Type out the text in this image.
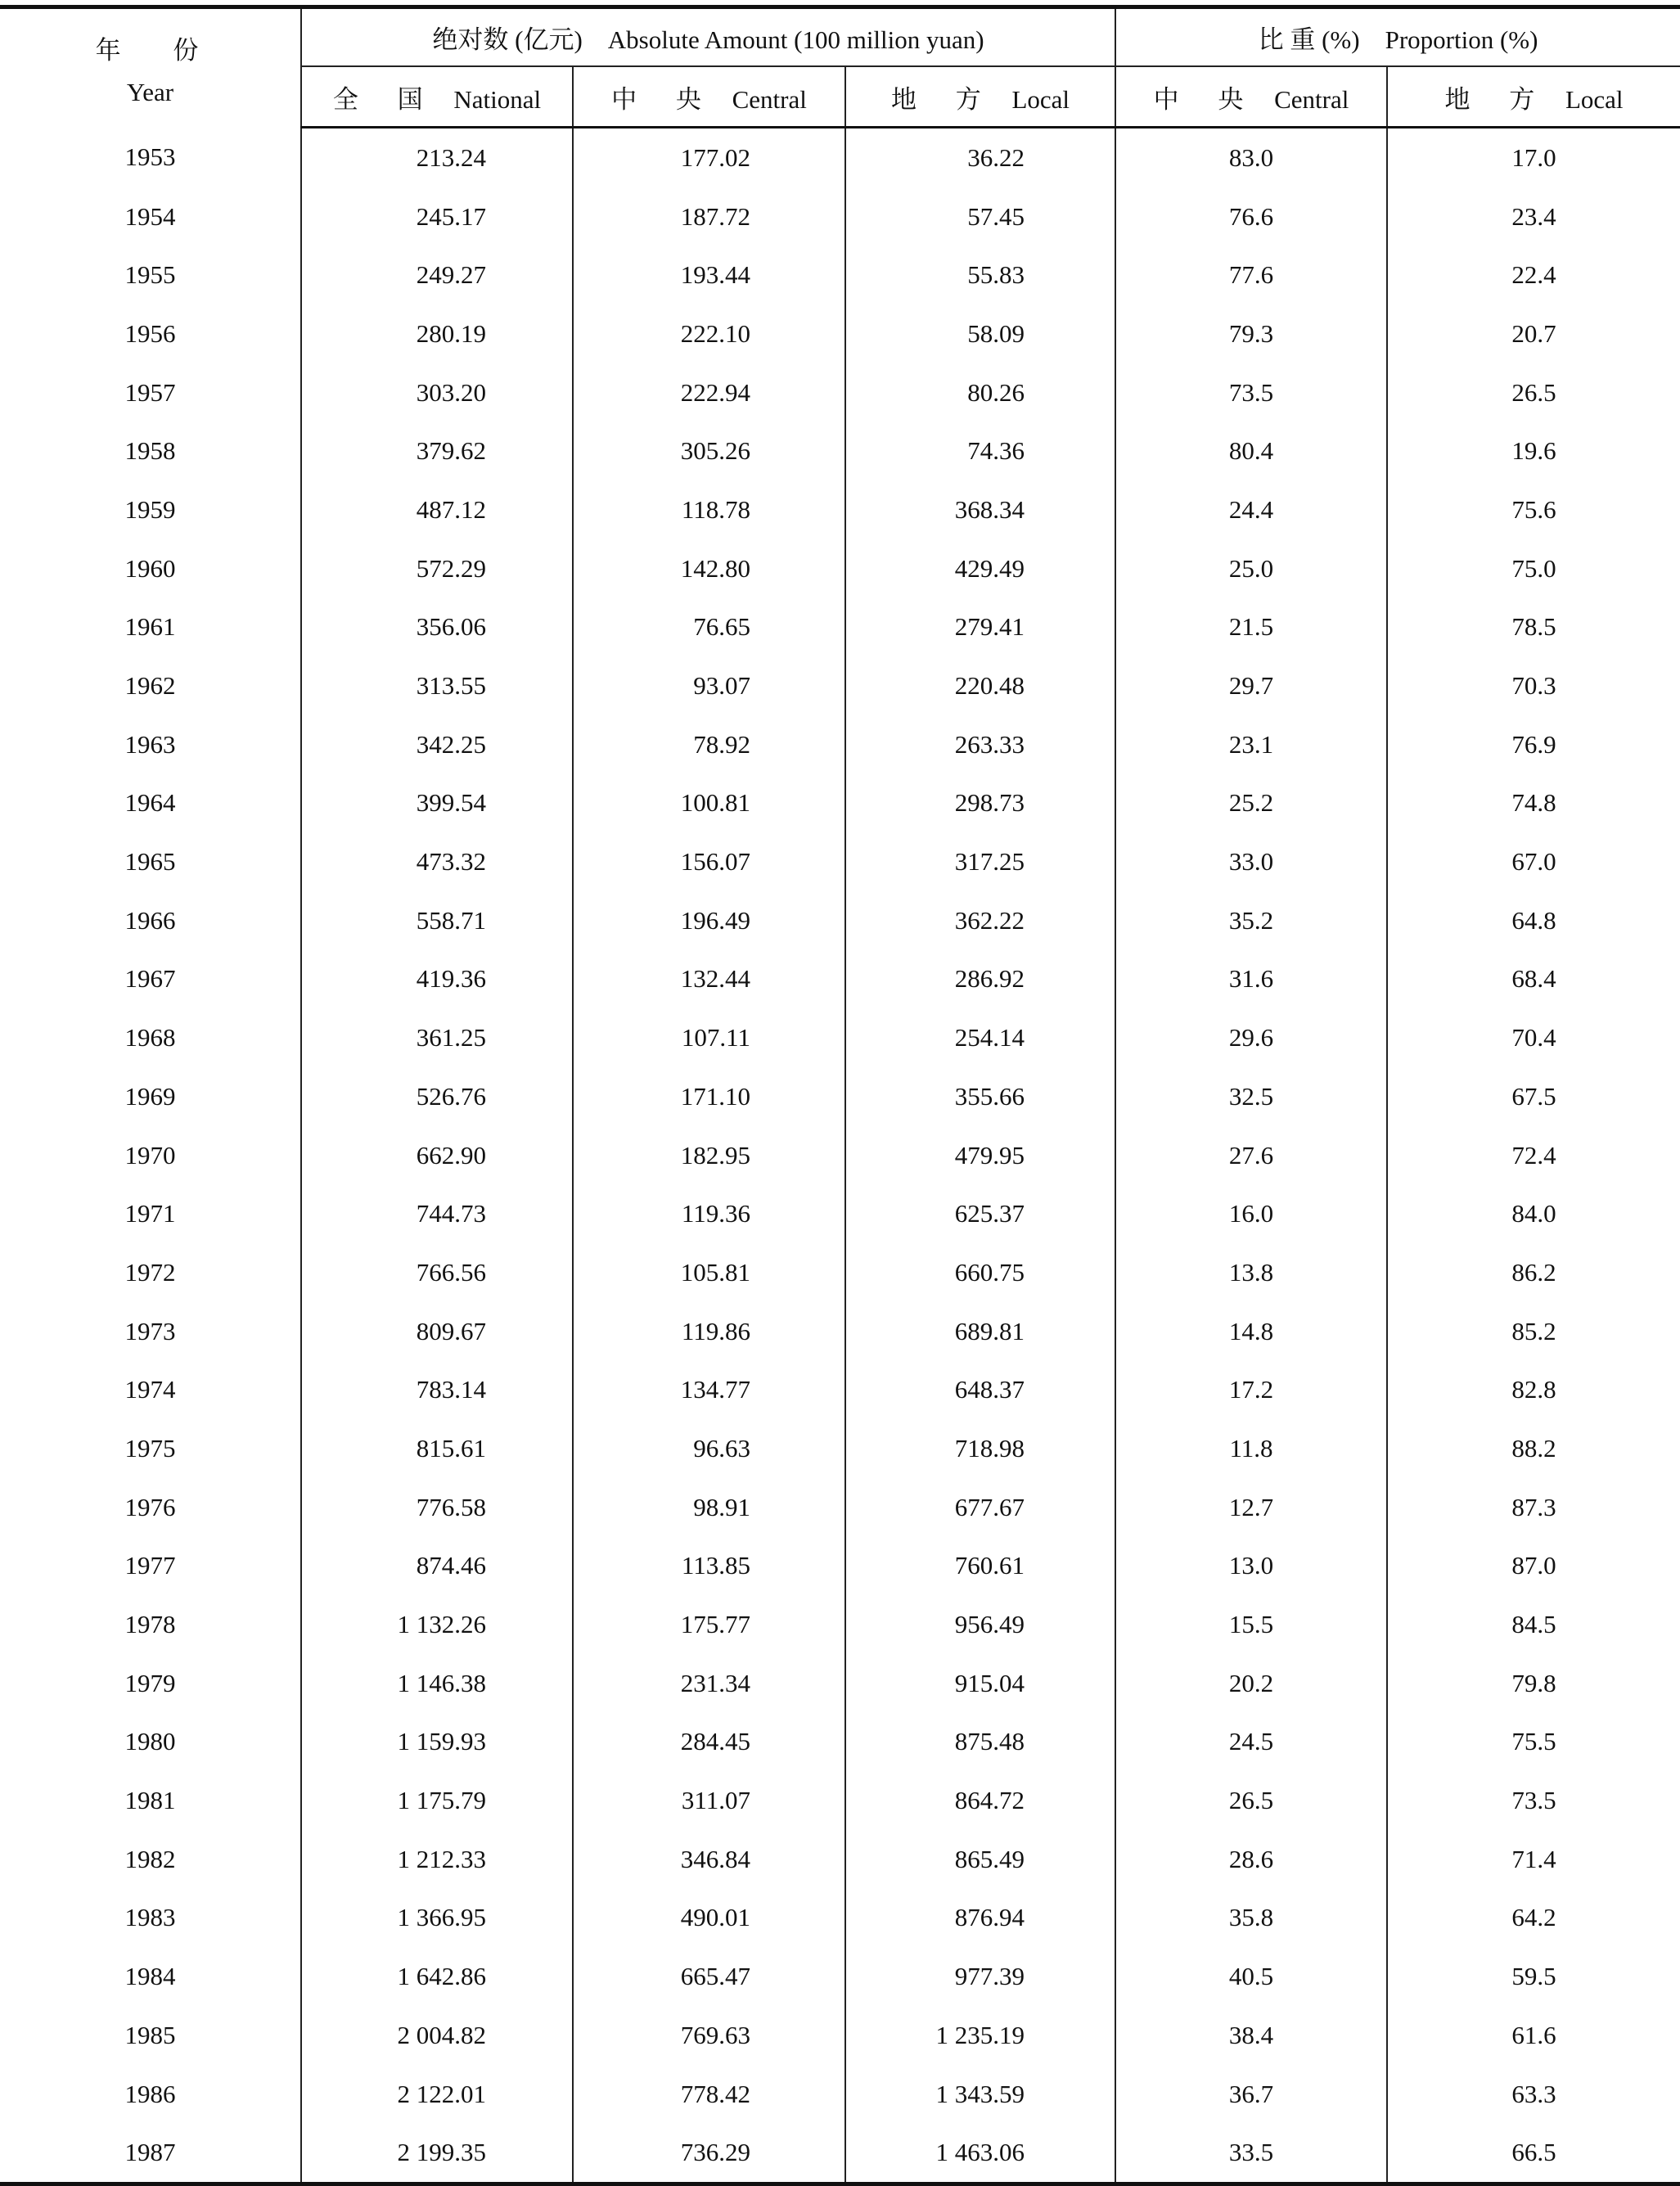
年 份
Year	绝对数 (亿元) Absolute Amount (100 million yuan)			比 重 (%) Proportion (%)	
	全 国 National	中 央 Central	地 方 Local	中 央 Central	地 方 Local
1953	213.24	177.02	36.22	83.0	17.0
1954	245.17	187.72	57.45	76.6	23.4
1955	249.27	193.44	55.83	77.6	22.4
1956	280.19	222.10	58.09	79.3	20.7
1957	303.20	222.94	80.26	73.5	26.5
1958	379.62	305.26	74.36	80.4	19.6
1959	487.12	118.78	368.34	24.4	75.6
1960	572.29	142.80	429.49	25.0	75.0
1961	356.06	76.65	279.41	21.5	78.5
1962	313.55	93.07	220.48	29.7	70.3
1963	342.25	78.92	263.33	23.1	76.9
1964	399.54	100.81	298.73	25.2	74.8
1965	473.32	156.07	317.25	33.0	67.0
1966	558.71	196.49	362.22	35.2	64.8
1967	419.36	132.44	286.92	31.6	68.4
1968	361.25	107.11	254.14	29.6	70.4
1969	526.76	171.10	355.66	32.5	67.5
1970	662.90	182.95	479.95	27.6	72.4
1971	744.73	119.36	625.37	16.0	84.0
1972	766.56	105.81	660.75	13.8	86.2
1973	809.67	119.86	689.81	14.8	85.2
1974	783.14	134.77	648.37	17.2	82.8
1975	815.61	96.63	718.98	11.8	88.2
1976	776.58	98.91	677.67	12.7	87.3
1977	874.46	113.85	760.61	13.0	87.0
1978	1 132.26	175.77	956.49	15.5	84.5
1979	1 146.38	231.34	915.04	20.2	79.8
1980	1 159.93	284.45	875.48	24.5	75.5
1981	1 175.79	311.07	864.72	26.5	73.5
1982	1 212.33	346.84	865.49	28.6	71.4
1983	1 366.95	490.01	876.94	35.8	64.2
1984	1 642.86	665.47	977.39	40.5	59.5
1985	2 004.82	769.63	1 235.19	38.4	61.6
1986	2 122.01	778.42	1 343.59	36.7	63.3
1987	2 199.35	736.29	1 463.06	33.5	66.5
